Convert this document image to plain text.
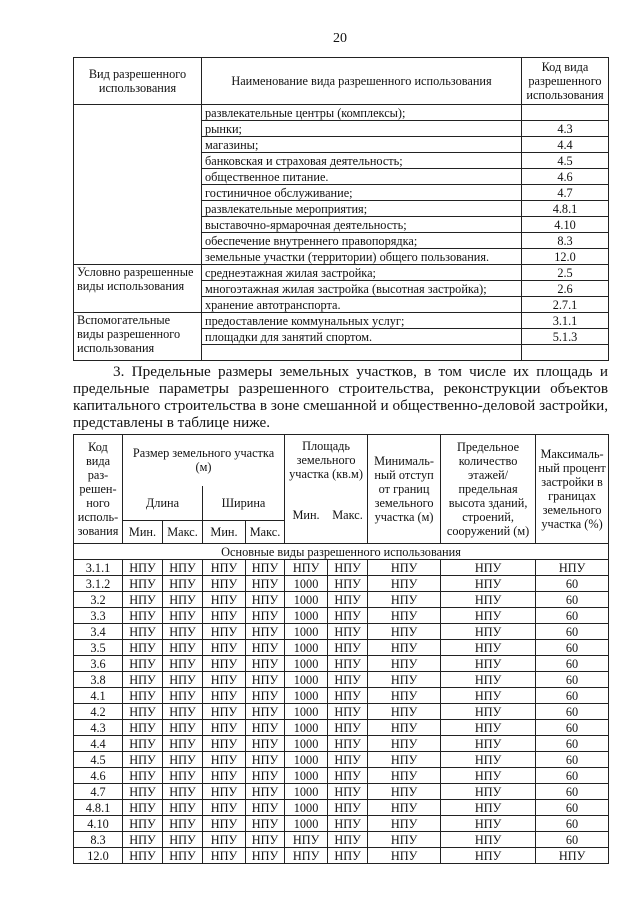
20
Вид разрешенного использования	Наименование вида разрешенного использования	Код вида разрешенного использования
	развлекательные центры (комплексы);	
	рынки;	4.3
	магазины;	4.4
	банковская и страховая деятельность;	4.5
	общественное питание.	4.6
	гостиничное обслуживание;	4.7
	развлекательные мероприятия;	4.8.1
	выставочно-ярмарочная деятельность;	4.10
	обеспечение внутреннего правопорядка;	8.3
	земельные участки (территории) общего пользования.	12.0
Условно разрешенные виды использования	среднеэтажная жилая застройка;	2.5
	многоэтажная жилая застройка (высотная застройка);	2.6
	хранение автотранспорта.	2.7.1
Вспомогательные виды разрешенного использования	предоставление коммунальных услуг;	3.1.1
	площадки для занятий спортом.	5.1.3

3. Предельные размеры земельных участков, в том числе их площадь и предельные параметры разрешенного строительства, реконструкции объектов капитального строительства в зоне смешанной и общественно-деловой застройки, представлены в таблице ниже.
Код вида раз-решен-ного исполь-зования	Размер земельного участка (м)				Площадь земельного участка (кв.м)		Минималь-ный отступ от границ земельного участка (м)	Предельное количество этажей/ предельная высота зданий, строений, сооружений (м)	Максималь-ный процент застройки в границах земельного участка (%)
	Длина		Ширина		Мин.	Макс.			
	Мин.	Макс.	Мин.	Макс.					
Основные виды разрешенного использования									
3.1.1	НПУ	НПУ	НПУ	НПУ	НПУ	НПУ	НПУ	НПУ	НПУ
3.1.2	НПУ	НПУ	НПУ	НПУ	1000	НПУ	НПУ	НПУ	60
3.2	НПУ	НПУ	НПУ	НПУ	1000	НПУ	НПУ	НПУ	60
3.3	НПУ	НПУ	НПУ	НПУ	1000	НПУ	НПУ	НПУ	60
3.4	НПУ	НПУ	НПУ	НПУ	1000	НПУ	НПУ	НПУ	60
3.5	НПУ	НПУ	НПУ	НПУ	1000	НПУ	НПУ	НПУ	60
3.6	НПУ	НПУ	НПУ	НПУ	1000	НПУ	НПУ	НПУ	60
3.8	НПУ	НПУ	НПУ	НПУ	1000	НПУ	НПУ	НПУ	60
4.1	НПУ	НПУ	НПУ	НПУ	1000	НПУ	НПУ	НПУ	60
4.2	НПУ	НПУ	НПУ	НПУ	1000	НПУ	НПУ	НПУ	60
4.3	НПУ	НПУ	НПУ	НПУ	1000	НПУ	НПУ	НПУ	60
4.4	НПУ	НПУ	НПУ	НПУ	1000	НПУ	НПУ	НПУ	60
4.5	НПУ	НПУ	НПУ	НПУ	1000	НПУ	НПУ	НПУ	60
4.6	НПУ	НПУ	НПУ	НПУ	1000	НПУ	НПУ	НПУ	60
4.7	НПУ	НПУ	НПУ	НПУ	1000	НПУ	НПУ	НПУ	60
4.8.1	НПУ	НПУ	НПУ	НПУ	1000	НПУ	НПУ	НПУ	60
4.10	НПУ	НПУ	НПУ	НПУ	1000	НПУ	НПУ	НПУ	60
8.3	НПУ	НПУ	НПУ	НПУ	НПУ	НПУ	НПУ	НПУ	60
12.0	НПУ	НПУ	НПУ	НПУ	НПУ	НПУ	НПУ	НПУ	НПУ
